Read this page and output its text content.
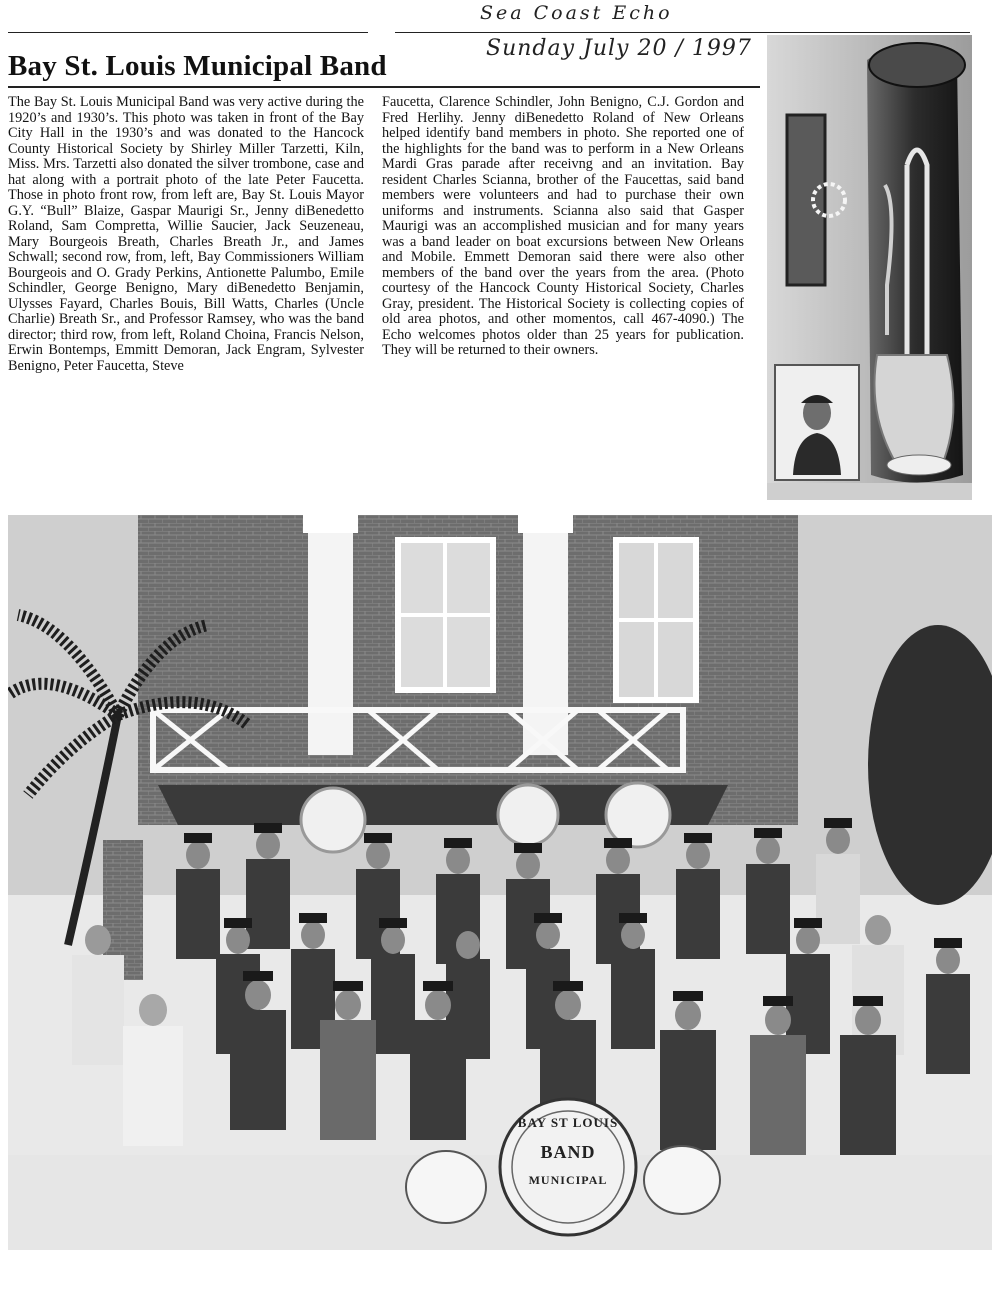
Sea Coast Echo
Sunday July 20 / 1997
Bay St. Louis Municipal Band

The Bay St. Louis Municipal Band was very active during the 1920’s and 1930’s. This photo was taken in front of the Bay City Hall in the 1930’s and was donated to the Hancock County Historical Society by Shirley Miller Tarzetti, Kiln, Miss. Mrs. Tarzetti also donated the silver trombone, case and hat along with a portrait photo of the late Peter Faucetta. Those in photo front row, from left are, Bay St. Louis Mayor G.Y. “Bull” Blaize, Gaspar Maurigi Sr., Jenny diBenedetto Roland, Sam Compretta, Willie Saucier, Jack Seuzeneau, Mary Bourgeois Breath, Charles Breath Jr., and James Schwall; second row, from, left, Bay Commissioners William Bourgeois and O. Grady Perkins, Antionette Palumbo, Emile Schindler, George Benigno, Mary diBenedetto Benjamin, Ulysses Fayard, Charles Bouis, Bill Watts, Charles (Uncle Charlie) Breath Sr., and Professor Ramsey, who was the band director; third row, from left, Roland Choina, Francis Nelson, Erwin Bontemps, Emmitt Demoran, Jack Engram, Sylvester Benigno, Peter Faucetta, Steve

Faucetta, Clarence Schindler, John Benigno, C.J. Gordon and Fred Herlihy. Jenny diBenedetto Roland of New Orleans helped identify band members in photo. She reported one of the highlights for the band was to perform in a New Orleans Mardi Gras parade after receivng and an invitation. Bay resident Charles Scianna, brother of the Faucettas, said band members were volunteers and had to purchase their own uniforms and instruments. Scianna also said that Gasper Maurigi was an accomplished musician and for many years was a band leader on boat excursions between New Orleans and Mobile. Emmett Demoran said there were also other members of the band over the years from the area. (Photo courtesy of the Hancock County Historical Society, Charles Gray, president. The Historical Society is collecting copies of old area photos, and other momentos, call 467-4090.) The Echo welcomes photos older than 25 years for publication. They will be returned to their owners.

BAY ST LOUIS
BAND
MUNICIPAL
